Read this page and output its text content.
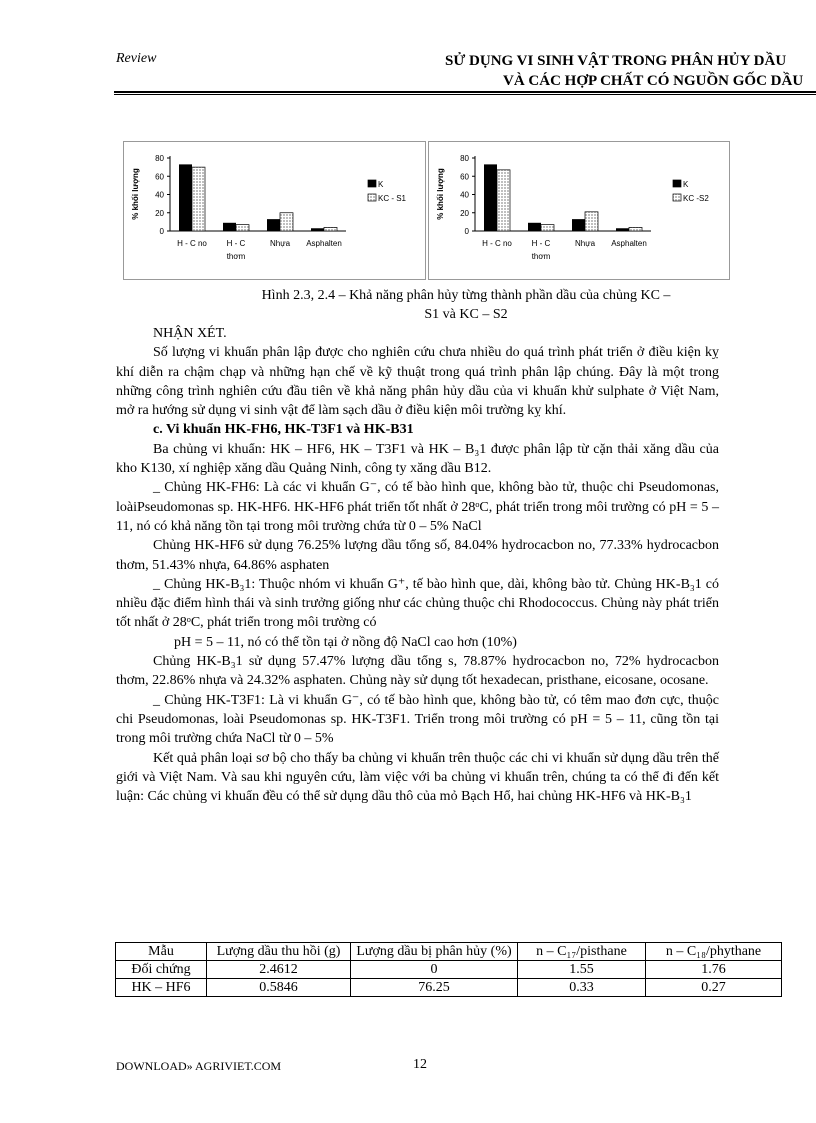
Review	SỬ DỤNG VI SINH VẬT TRONG PHÂN HỦY DẦU
VÀ CÁC HỢP CHẤT CÓ NGUỒN GỐC DẦU
% khối lượng
0
20
40
60
80
H - C no H - C
thơm
Nhựa Asphalten
K
KC - S1	% khối lượng
0
20
40
60
80
H - C no H - C
thơm
Nhựa Asphalten
K
KC -S2
Hình 2.3, 2.4 – Khả năng phân hủy từng thành phần dầu của chủng KC –
S1 và KC – S2

NHẬN XÉT.

Số lượng vi khuẩn phân lập được cho nghiên cứu chưa nhiều do quá trình phát triển ở điều kiện kỵ khí diễn ra chậm chạp và những hạn chế về kỹ thuật trong quá trình phân lập chúng. Đây là một trong những công trình nghiên cứu đầu tiên về khả năng phân hủy dầu của vi khuẩn khử sulphate ở Việt Nam, mở ra hướng sử dụng vi sinh vật để làm sạch dầu ở điều kiện môi trường kỵ khí.

c. Vi khuẩn HK-FH6, HK-T3F1 và HK-B31

Ba chủng vi khuẩn: HK – HF6, HK – T3F1 và HK – B₃1 được phân lập từ cặn thải xăng dầu của kho K130, xí nghiệp xăng dầu Quảng Ninh, công ty xăng dầu B12.

_ Chủng HK-FH6: Là các vi khuẩn G⁻, có tế bào hình que, không bào tử, thuộc chi Pseudomonas, loàiPseudomonas sp. HK-HF6. HK-HF6 phát triển tốt nhất ở 28ᵒC, phát triển trong môi trường có pH = 5 – 11, nó có khả năng tồn tại trong môi trường chứa từ 0 – 5% NaCl

Chủng HK-HF6 sử dụng 76.25% lượng dầu tổng số, 84.04% hydrocacbon no, 77.33% hydrocacbon thơm, 51.43% nhựa, 64.86% asphaten

_ Chủng HK-B₃1: Thuộc nhóm vi khuẩn G⁺, tế bào hình que, dài, không bào tử. Chủng HK-B₃1 có nhiều đặc điểm hình thái và sinh trưởng giống như các chủng thuộc chi Rhodococcus. Chủng này phát triển tốt nhất ở 28ᵒC, phát triển trong môi trường có

pH = 5 – 11, nó có thể tồn tại ở nồng độ NaCl cao hơn (10%)

Chủng HK-B₃1 sử dụng 57.47% lượng dầu tổng s, 78.87% hydrocacbon no, 72% hydrocacbon thơm, 22.86% nhựa và 24.32% asphaten. Chủng này sử dụng tốt hexadecan, pristhane, eicosane, ocosane.

_ Chủng HK-T3F1: Là vi khuẩn G⁻, có tế bào hình que, không bào tử, có têm mao đơn cực, thuộc chi Pseudomonas, loài Pseudomonas sp. HK-T3F1. Triển trong môi trường có pH = 5 – 11, cũng tồn tại trong môi trường chứa NaCl từ 0 – 5%

Kết quả phân loại sơ bộ cho thấy ba chủng vi khuẩn trên thuộc các chi vi khuẩn sử dụng dầu trên thế giới và Việt Nam. Và sau khi nguyên cứu, làm việc với ba chủng vi khuẩn trên, chúng ta có thể đi đến kết luận: Các chủng vi khuẩn đều có thể sử dụng dầu thô của mỏ Bạch Hổ, hai chủng HK-HF6 và HK-B₃1

Mẫu	Lượng dầu thu hồi (g)	Lượng dầu bị phân hủy (%)	n – C₁₇/pisthane	n – C₁₈/phythane
Đối chứng	2.4612	0	1.55	1.76
HK – HF6	0.5846	76.25	0.33	0.27
DOWNLOAD» AGRIVIET.COM	12
